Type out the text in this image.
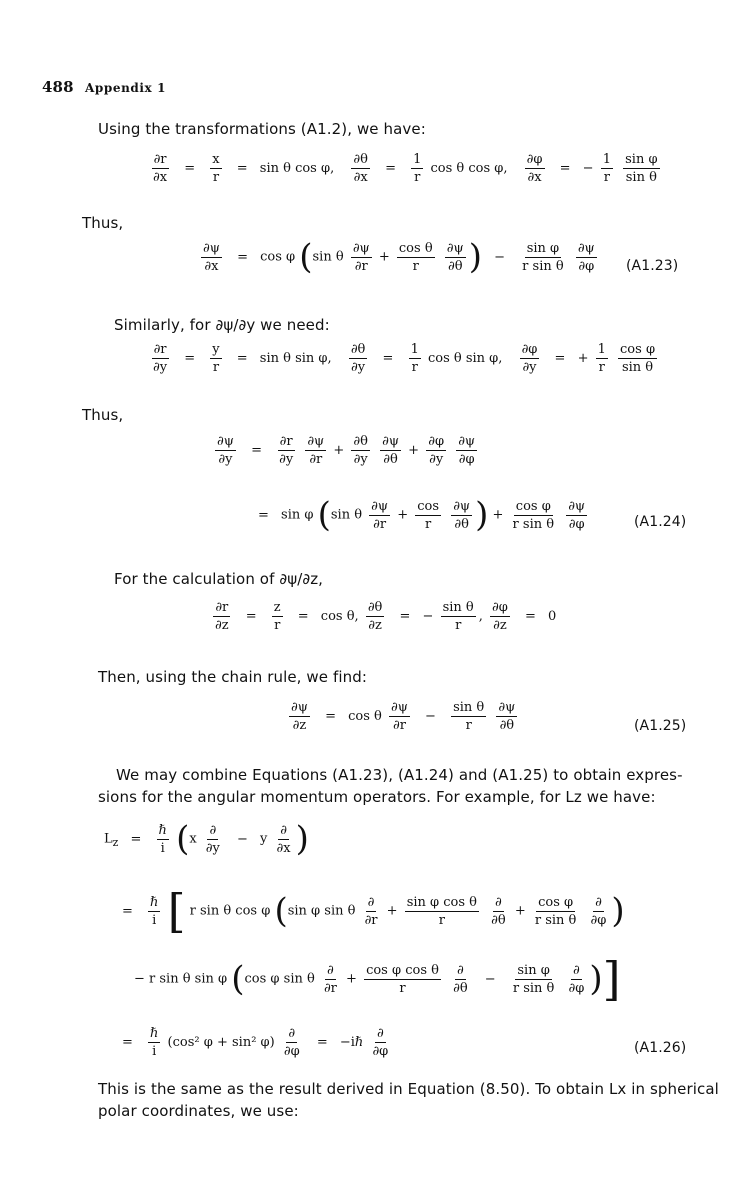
488 Appendix 1
Using the transformations (A1.2), we have:
$\frac{\partial r}{\partial x} = \frac{x}{r} = \sin \theta$ cos φ, $\frac{\partial\theta}{\partial x} = \frac{1}{r}$ cos θ cos φ, $\frac{\partial\varphi}{\partial x}$ = − $\frac{1}{r}$
$\frac{\text{sin φ}}{\text{sin θ}}$
Thus,
$\frac{\partial\psi}{\partial x} = \cos \varphi$ (sin θ $\frac{\partial\psi}{\partial r} + \frac{\text{cos θ}}{r}$
$\frac{\partial\psi}{\partial\theta}$ ) − $\frac{\text{sin φ}}{\text{r sin θ}}$
$\frac{\partial\psi}{\partial\varphi} (A1.23)$
Similarly, for ∂ψ/∂y we need:
$\frac{\partial r}{\partial y} = \frac{y}{r} = \sin \theta$ sin φ, $\frac{\partial\theta}{\partial y} = \frac{1}{r}$ cos θ sin φ, $\frac{\partial\varphi}{\partial y}$ = + $\frac{1}{r}$
$\frac{\text{cos φ}}{\text{sin θ}}$
Thus,
$\frac{\partial\psi}{\partial y} = \frac{\partial r}{\partial y}$
$\frac{\partial\psi}{\partial r} + \frac{\partial\theta}{\partial y}$
$\frac{\partial\psi}{\partial\theta} + \frac{\partial\varphi}{\partial y}$
$\frac{\partial\psi}{\partial\varphi}$
= sin φ (sin θ $\frac{\partial\psi}{\partial r} + \frac{\cos}{r}$
$\frac{\partial\psi}{\partial\theta}$ ) + $\frac{\text{cos φ}}{\text{r sin θ}}$
$\frac{\partial\psi}{\partial\varphi}$	(A1.24)
For the calculation of ∂ψ/∂z,
$\frac{\partial r}{\partial z} = \frac{z}{r} = \cos \theta$, $\frac{\partial\theta}{\partial z}$ = − $\frac{\text{sin θ}}{r}$ , $\frac{\partial\varphi}{\partial z} = 0$
Then, using the chain rule, we find:
$\frac{\partial\psi}{\partial z} = \cos \theta \frac{\partial\psi}{\partial r} - \frac{\text{sin θ}}{r}$
$\frac{\partial\psi}{\partial\theta}$	(A1.25)
We may combine Equations (A1.23), (A1.24) and (A1.25) to obtain expres-
sions for the angular momentum operators. For example, for Lz we have:
$L_z = \frac{\text{ℏ}}{i} (x \frac{\partial}{\partial y} - y \frac{\partial}{\partial x}$ )
= $\frac{\text{ℏ}}{i}$ [ r sin θ cos φ (sin φ sin θ $\frac{\partial}{\partial r} + \frac{\text{sin φ cos θ}}{r}$
$\frac{\partial}{\partial\theta} + \frac{\text{cos φ}}{\text{r sin θ}}$
$\frac{\partial}{\partial\varphi}$ )
− r sin θ sin φ (cos φ sin θ $\frac{\partial}{\partial r} + \frac{\text{cos φ cos θ}}{r}$
$\frac{\partial}{\partial\theta} - \frac{\text{sin φ}}{\text{r sin θ}}$
$\frac{\partial}{\partial\varphi}$ )]
= $\frac{\text{ℏ}}{i} (\cos^2$ φ + sin² $\varphi) \frac{\partial}{\partial\varphi}$ = −iℏ $\frac{\partial}{\partial\varphi}$	(A1.26)
This is the same as the result derived in Equation (8.50). To obtain Lx in spherical
polar coordinates, we use:
